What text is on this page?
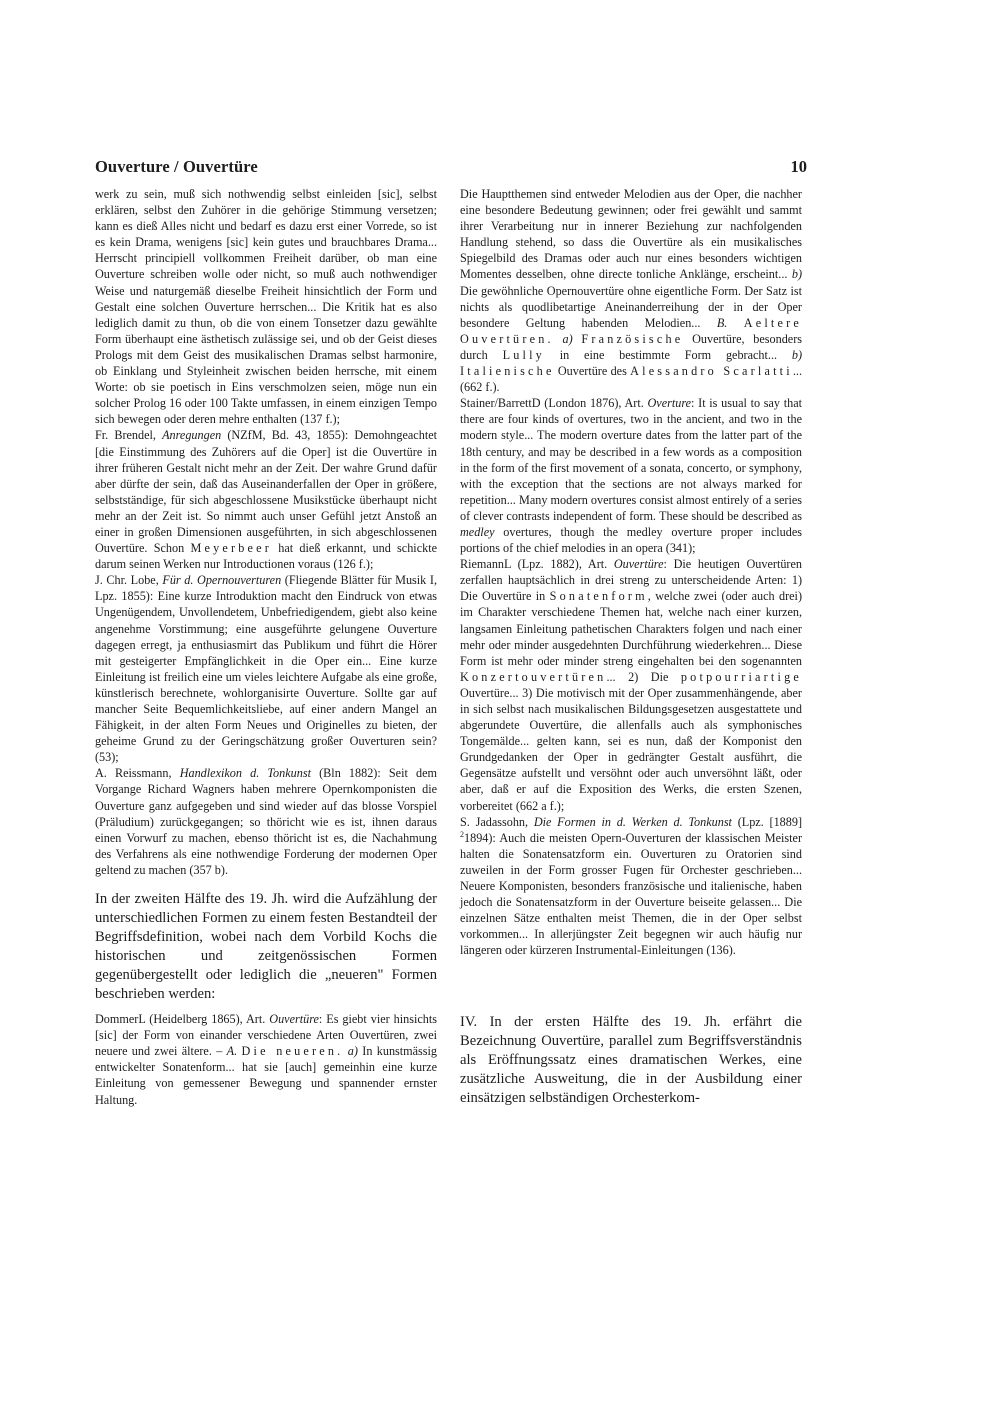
Ouverture / Ouvertüre	10

werk zu sein, muß sich nothwendig selbst einleiden [sic], selbst erklären, selbst den Zuhörer in die gehörige Stimmung versetzen; kann es dieß Alles nicht und bedarf es dazu erst einer Vorrede, so ist es kein Drama, wenigens [sic] kein gutes und brauchbares Drama... Herrscht principiell vollkommen Freiheit darüber, ob man eine Ouverture schreiben wolle oder nicht, so muß auch nothwendiger Weise und naturgemäß dieselbe Freiheit hinsichtlich der Form und Gestalt eine solchen Ouverture herrschen... Die Kritik hat es also lediglich damit zu thun, ob die von einem Tonsetzer dazu gewählte Form überhaupt eine ästhetisch zulässige sei, und ob der Geist dieses Prologs mit dem Geist des musikalischen Dramas selbst harmonire, ob Einklang und Styleinheit zwischen beiden herrsche, mit einem Worte: ob sie poetisch in Eins verschmolzen seien, möge nun ein solcher Prolog 16 oder 100 Takte umfassen, in einem einzigen Tempo sich bewegen oder deren mehre enthalten (137 f.);

Fr. Brendel, Anregungen (NZfM, Bd. 43, 1855): Demohngeachtet [die Einstimmung des Zuhörers auf die Oper] ist die Ouvertüre in ihrer früheren Gestalt nicht mehr an der Zeit. Der wahre Grund dafür aber dürfte der sein, daß das Auseinanderfallen der Oper in größere, selbstständige, für sich abgeschlossene Musikstücke überhaupt nicht mehr an der Zeit ist. So nimmt auch unser Gefühl jetzt Anstoß an einer in großen Dimensionen ausgeführten, in sich abgeschlossenen Ouvertüre. Schon Meyerbeer hat dieß erkannt, und schickte darum seinen Werken nur Introductionen voraus (126 f.);

J. Chr. Lobe, Für d. Opernouverturen (Fliegende Blätter für Musik I, Lpz. 1855): Eine kurze Introduktion macht den Eindruck von etwas Ungenügendem, Unvollendetem, Unbefriedigendem, giebt also keine angenehme Vorstimmung; eine ausgeführte gelungene Ouverture dagegen erregt, ja enthusiasmirt das Publikum und führt die Hörer mit gesteigerter Empfänglichkeit in die Oper ein... Eine kurze Einleitung ist freilich eine um vieles leichtere Aufgabe als eine große, künstlerisch berechnete, wohlorganisirte Ouverture. Sollte gar auf mancher Seite Bequemlichkeitsliebe, auf einer andern Mangel an Fähigkeit, in der alten Form Neues und Originelles zu bieten, der geheime Grund zu der Geringschätzung großer Ouverturen sein? (53);

A. Reissmann, Handlexikon d. Tonkunst (Bln 1882): Seit dem Vorgange Richard Wagners haben mehrere Opernkomponisten die Ouverture ganz aufgegeben und sind wieder auf das blosse Vorspiel (Präludium) zurückgegangen; so thöricht wie es ist, ihnen daraus einen Vorwurf zu machen, ebenso thöricht ist es, die Nachahmung des Verfahrens als eine nothwendige Forderung der modernen Oper geltend zu machen (357 b).

In der zweiten Hälfte des 19. Jh. wird die Aufzählung der unterschiedlichen Formen zu einem festen Bestandteil der Begriffsdefinition, wobei nach dem Vorbild Kochs die historischen und zeitgenössischen Formen gegenübergestellt oder lediglich die „neueren" Formen beschrieben werden:

DommerL (Heidelberg 1865), Art. Ouvertüre: Es giebt vier hinsichts [sic] der Form von einander verschiedene Arten Ouvertüren, zwei neuere und zwei ältere. – A. Die neueren. a) In kunstmässig entwickelter Sonatenform... hat sie [auch] gemeinhin eine kurze Einleitung von gemessener Bewegung und spannender ernster Haltung.

Die Hauptthemen sind entweder Melodien aus der Oper, die nachher eine besondere Bedeutung gewinnen; oder frei gewählt und sammt ihrer Verarbeitung nur in innerer Beziehung zur nachfolgenden Handlung stehend, so dass die Ouvertüre als ein musikalisches Spiegelbild des Dramas oder auch nur eines besonders wichtigen Momentes desselben, ohne directe tonliche Anklänge, erscheint... b) Die gewöhnliche Opernouvertüre ohne eigentliche Form. Der Satz ist nichts als quodlibetartige Aneinanderreihung der in der Oper besondere Geltung habenden Melodien... B. Aeltere Ouvertüren. a) Französische Ouvertüre, besonders durch Lully in eine bestimmte Form gebracht... b) Italienische Ouvertüre des Alessandro Scarlatti... (662 f.).

Stainer/BarrettD (London 1876), Art. Overture: It is usual to say that there are four kinds of overtures, two in the ancient, and two in the modern style... The modern overture dates from the latter part of the 18th century, and may be described in a few words as a composition in the form of the first movement of a sonata, concerto, or symphony, with the exception that the sections are not always marked for repetition... Many modern overtures consist almost entirely of a series of clever contrasts independent of form. These should be described as medley overtures, though the medley overture proper includes portions of the chief melodies in an opera (341);

RiemannL (Lpz. 1882), Art. Ouvertüre: Die heutigen Ouvertüren zerfallen hauptsächlich in drei streng zu unterscheidende Arten: 1) Die Ouvertüre in Sonatenform, welche zwei (oder auch drei) im Charakter verschiedene Themen hat, welche nach einer kurzen, langsamen Einleitung pathetischen Charakters folgen und nach einer mehr oder minder ausgedehnten Durchführung wiederkehren... Diese Form ist mehr oder minder streng eingehalten bei den sogenannten Konzertouvertüren... 2) Die potpourriartige Ouvertüre... 3) Die motivisch mit der Oper zusammenhängende, aber in sich selbst nach musikalischen Bildungsgesetzen ausgestattete und abgerundete Ouvertüre, die allenfalls auch als symphonisches Tongemälde... gelten kann, sei es nun, daß der Komponist den Grundgedanken der Oper in gedrängter Gestalt ausführt, die Gegensätze aufstellt und versöhnt oder auch unversöhnt läßt, oder aber, daß er auf die Exposition des Werks, die ersten Szenen, vorbereitet (662 a f.);

S. Jadassohn, Die Formen in d. Werken d. Tonkunst (Lpz. [1889] $^2$1894): Auch die meisten Opern-Ouverturen der klassischen Meister halten die Sonatensatzform ein. Ouverturen zu Oratorien sind zuweilen in der Form grosser Fugen für Orchester geschrieben... Neuere Komponisten, besonders französische und italienische, haben jedoch die Sonatensatzform in der Ouverture beiseite gelassen... Die einzelnen Sätze enthalten meist Themen, die in der Oper selbst vorkommen... In allerjüngster Zeit begegnen wir auch häufig nur längeren oder kürzeren Instrumental-Einleitungen (136).

IV. In der ersten Hälfte des 19. Jh. erfährt die Bezeichnung Ouvertüre, parallel zum Begriffsverständnis als Eröffnungssatz eines dramatischen Werkes, eine zusätzliche Ausweitung, die in der Ausbildung einer einsätzigen selbständigen Orchesterkom-
